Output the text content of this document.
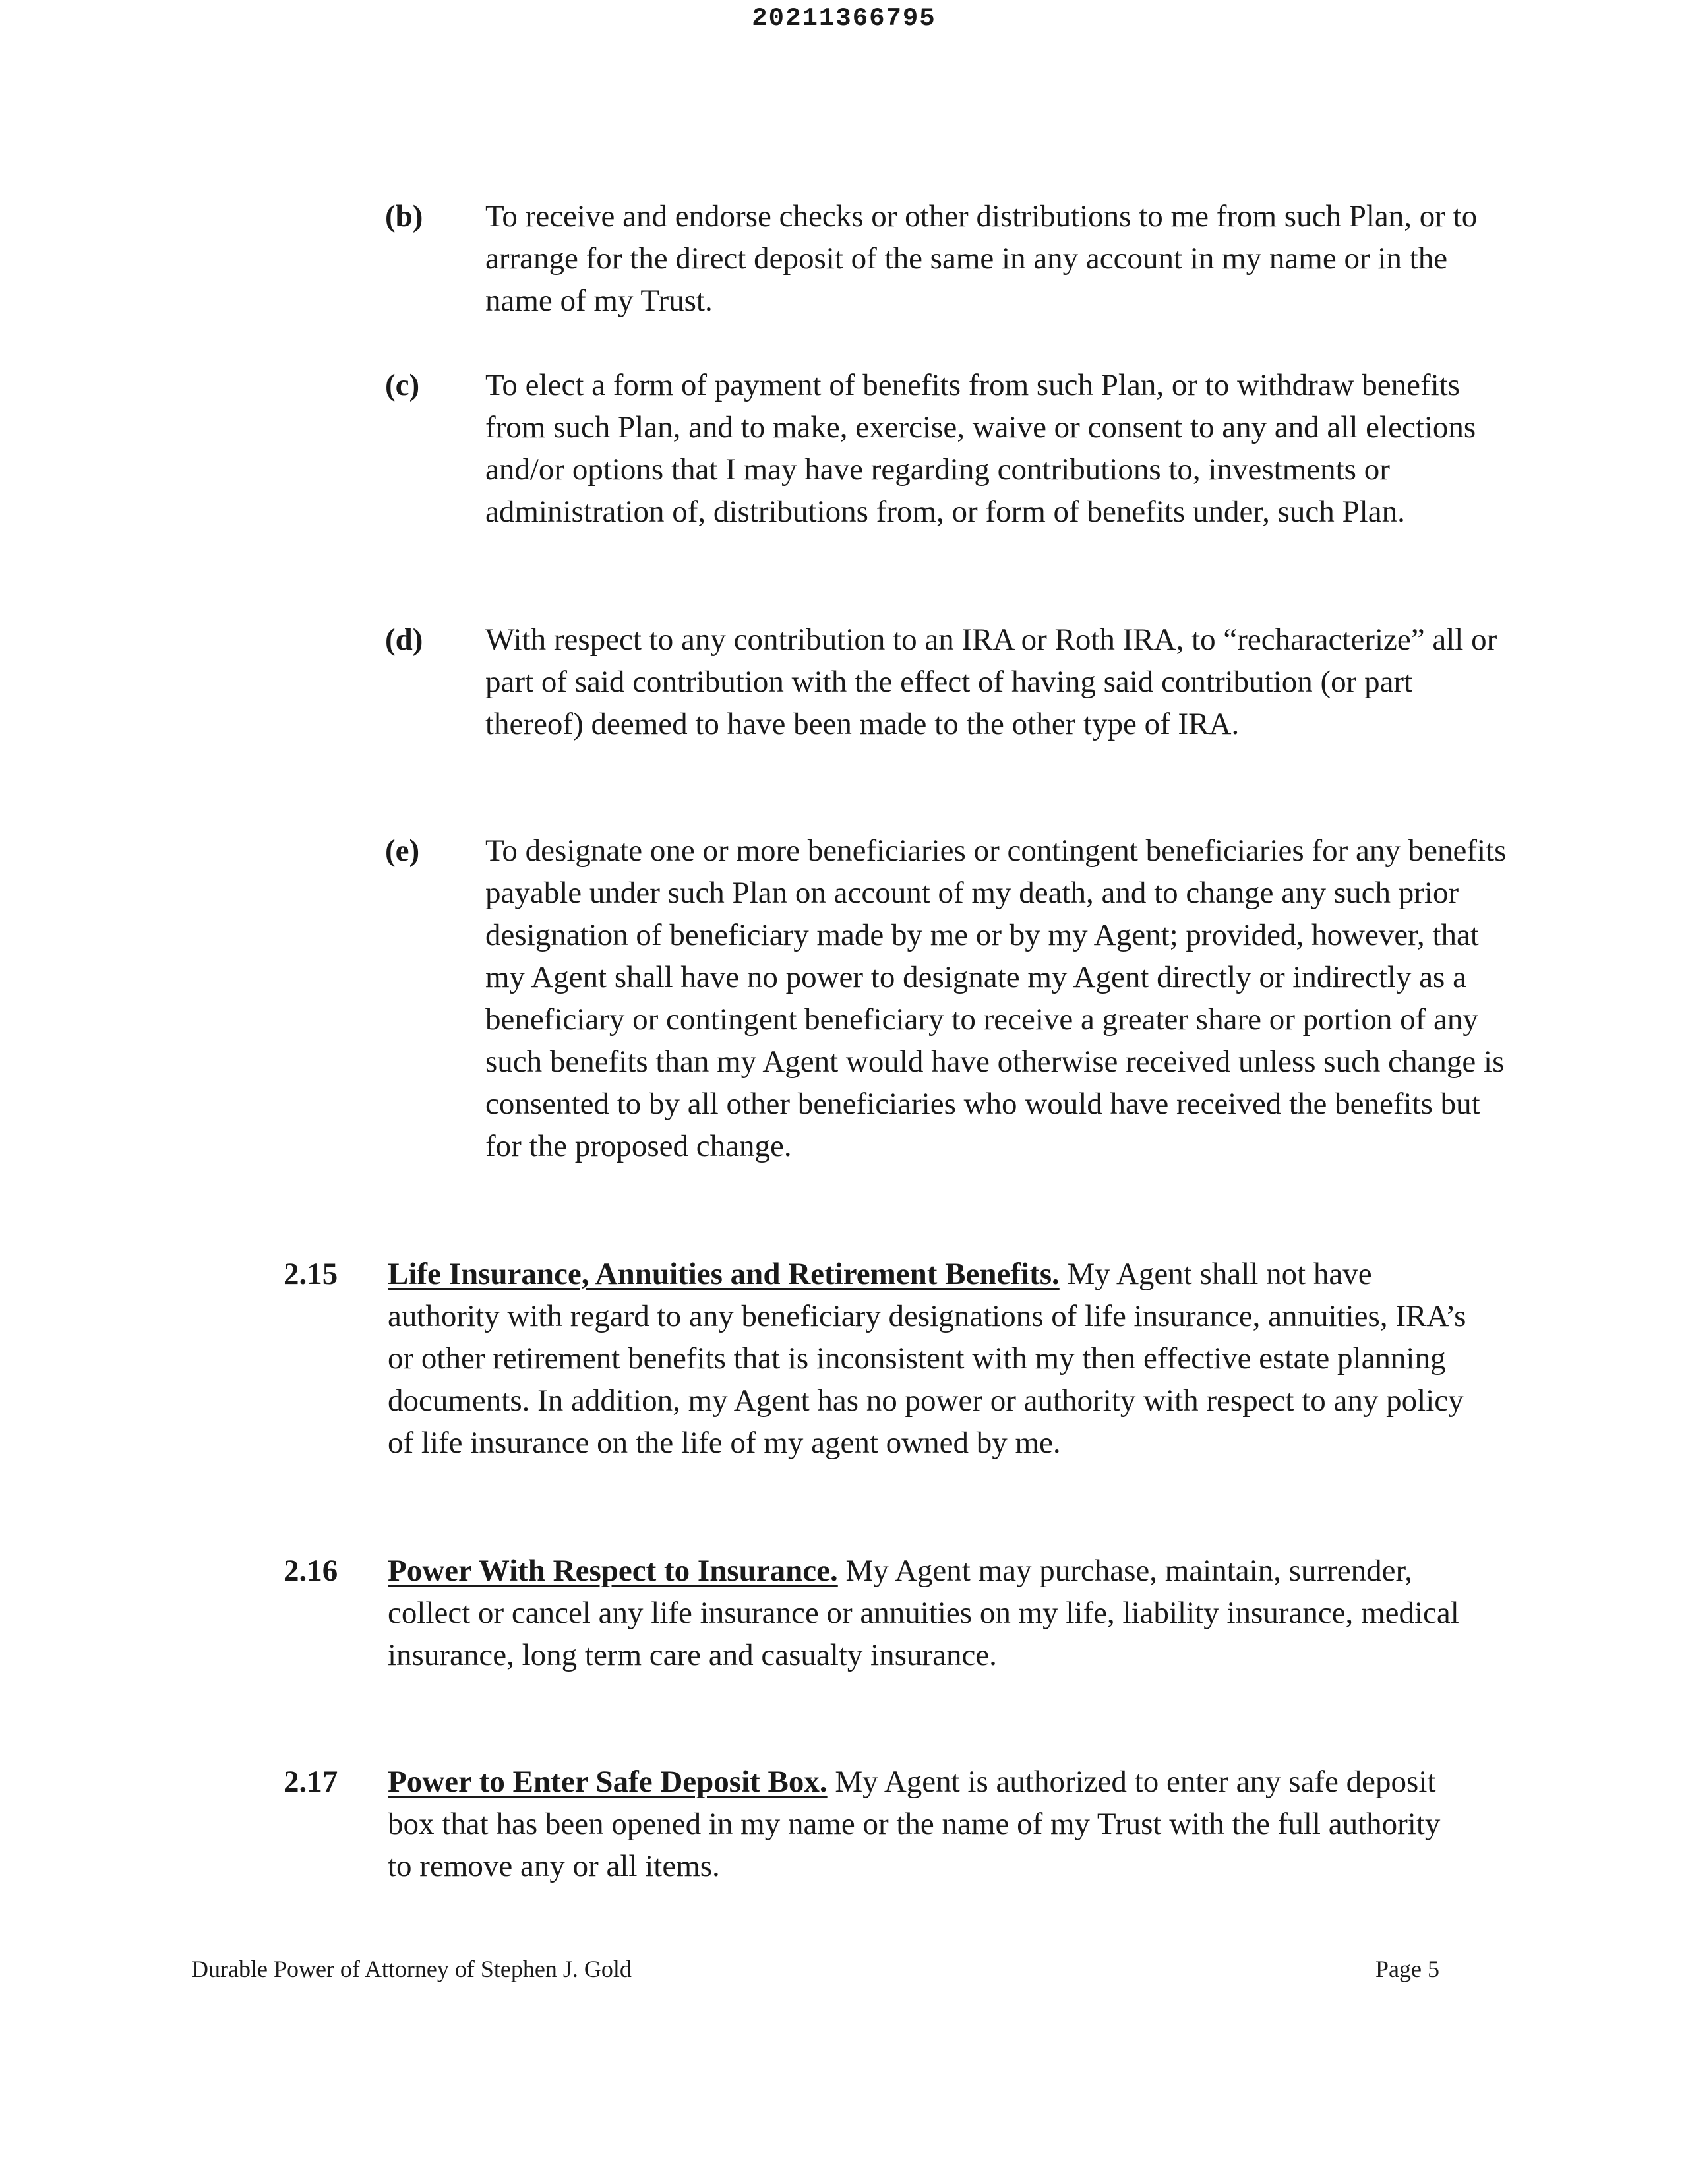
20211366795
(b) To receive and endorse checks or other distributions to me from such Plan, or to arrange for the direct deposit of the same in any account in my name or in the name of my Trust.
(c) To elect a form of payment of benefits from such Plan, or to withdraw benefits from such Plan, and to make, exercise, waive or consent to any and all elections and/or options that I may have regarding contributions to, investments or administration of, distributions from, or form of benefits under, such Plan.
(d) With respect to any contribution to an IRA or Roth IRA, to “recharacterize” all or part of said contribution with the effect of having said contribution (or part thereof) deemed to have been made to the other type of IRA.
(e) To designate one or more beneficiaries or contingent beneficiaries for any benefits payable under such Plan on account of my death, and to change any such prior designation of beneficiary made by me or by my Agent; provided, however, that my Agent shall have no power to designate my Agent directly or indirectly as a beneficiary or contingent beneficiary to receive a greater share or portion of any such benefits than my Agent would have otherwise received unless such change is consented to by all other beneficiaries who would have received the benefits but for the proposed change.
2.15 Life Insurance, Annuities and Retirement Benefits. My Agent shall not have authority with regard to any beneficiary designations of life insurance, annuities, IRA’s or other retirement benefits that is inconsistent with my then effective estate planning documents. In addition, my Agent has no power or authority with respect to any policy of life insurance on the life of my agent owned by me.
2.16 Power With Respect to Insurance. My Agent may purchase, maintain, surrender, collect or cancel any life insurance or annuities on my life, liability insurance, medical insurance, long term care and casualty insurance.
2.17 Power to Enter Safe Deposit Box. My Agent is authorized to enter any safe deposit box that has been opened in my name or the name of my Trust with the full authority to remove any or all items.
Durable Power of Attorney of Stephen J. Gold	Page 5
